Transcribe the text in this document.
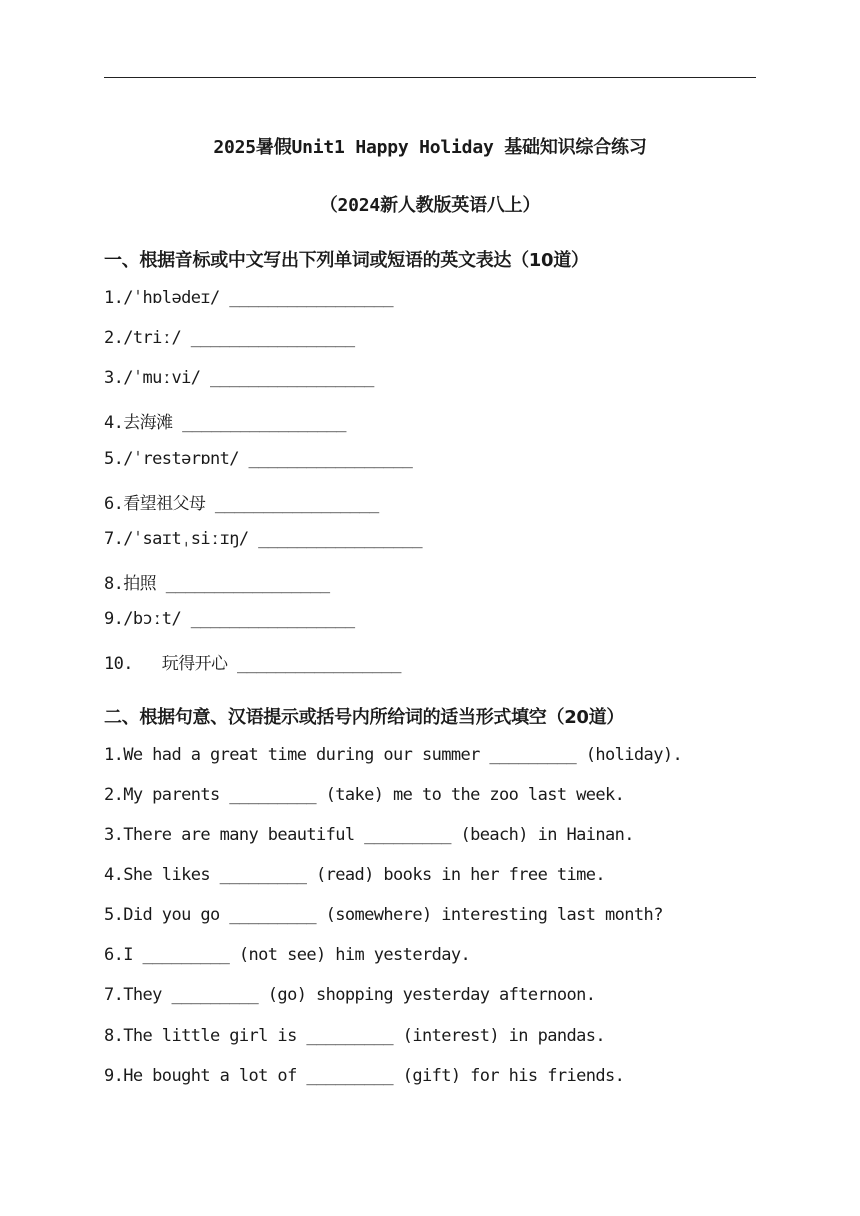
2025暑假Unit1 Happy Holiday 基础知识综合练习
（2024新人教版英语八上）
一、根据音标或中文写出下列单词或短语的英文表达（10道）
1./ˈhɒlədeɪ/ _________________
2./triː/ _________________
3./ˈmuːvi/ _________________
4.去海滩 _________________
5./ˈrestərɒnt/ _________________
6.看望祖父母 _________________
7./ˈsaɪtˌsiːɪŋ/ _________________
8.拍照 _________________
9./bɔːt/ _________________
10.   玩得开心 _________________
二、根据句意、汉语提示或括号内所给词的适当形式填空（20道）
1.We had a great time during our summer _________ (holiday).
2.My parents _________ (take) me to the zoo last week.
3.There are many beautiful _________ (beach) in Hainan.
4.She likes _________ (read) books in her free time.
5.Did you go _________ (somewhere) interesting last month?
6.I _________ (not see) him yesterday.
7.They _________ (go) shopping yesterday afternoon.
8.The little girl is _________ (interest) in pandas.
9.He bought a lot of _________ (gift) for his friends.
